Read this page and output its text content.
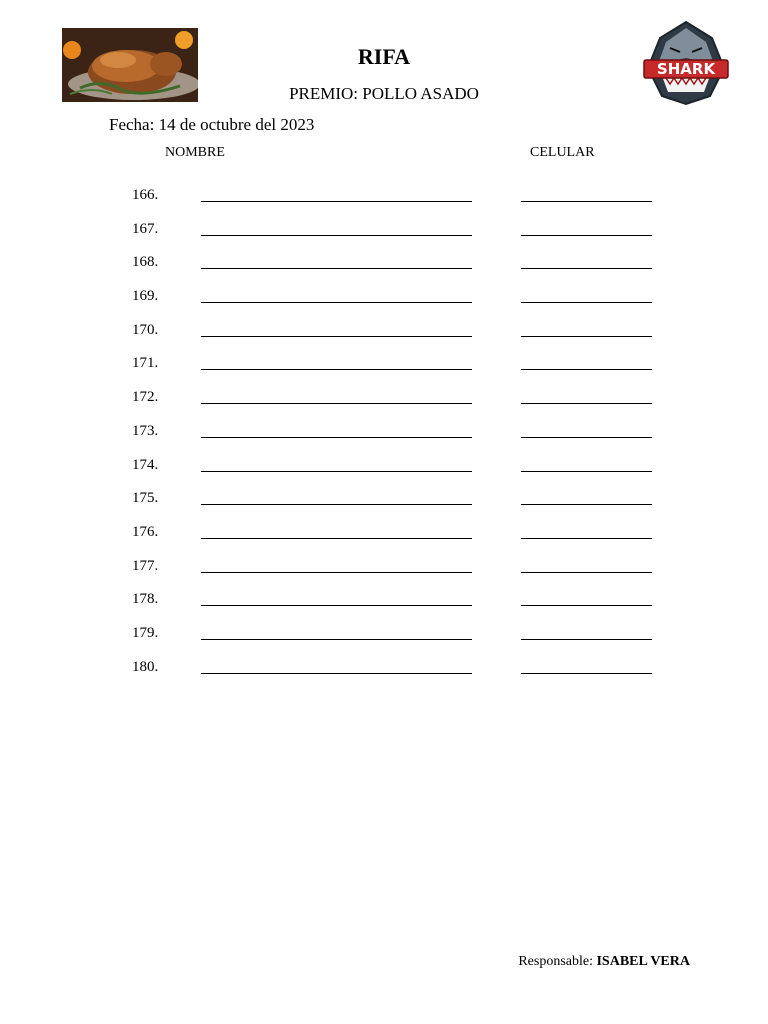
SHARK
RIFA
PREMIO: POLLO ASADO
Fecha: 14 de octubre del 2023
NOMBRE	CELULAR
166.
167.
168.
169.
170.
171.
172.
173.
174.
175.
176.
177.
178.
179.
180.
Responsable: ISABEL VERA
